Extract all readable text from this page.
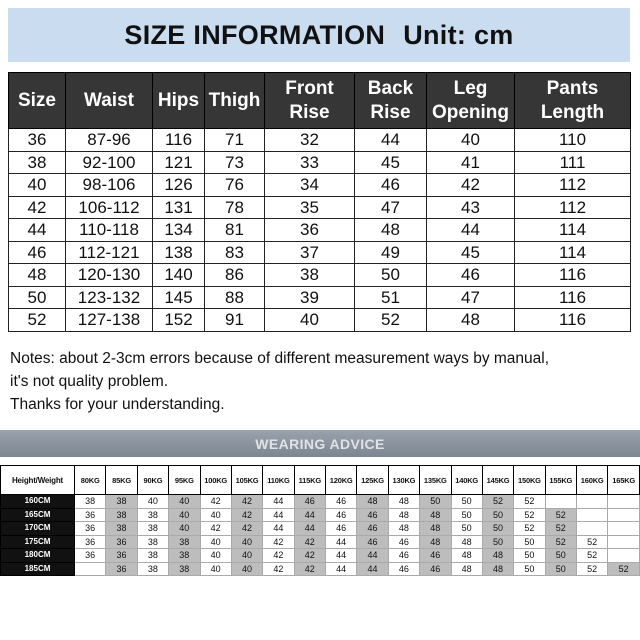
SIZE INFORMATION Unit: cm
Size	Waist	Hips	Thigh	Front Rise	Back Rise	Leg Opening	Pants Length
36	87-96	116	71	32	44	40	110
38	92-100	121	73	33	45	41	111
40	98-106	126	76	34	46	42	112
42	106-112	131	78	35	47	43	112
44	110-118	134	81	36	48	44	114
46	112-121	138	83	37	49	45	114
48	120-130	140	86	38	50	46	116
50	123-132	145	88	39	51	47	116
52	127-138	152	91	40	52	48	116

Notes: about 2-3cm errors because of different measurement ways by manual,

it's not quality problem.

Thanks for your understanding.

WEARING ADVICE
Height/Weight	80KG	85KG	90KG	95KG	100KG	105KG	110KG	115KG	120KG	125KG	130KG	135KG	140KG	145KG	150KG	155KG	160KG	165KG
160CM	38	38	40	40	42	42	44	46	46	48	48	50	50	52	52			
165CM	36	38	38	40	40	42	44	44	46	46	48	48	50	50	52	52		
170CM	36	38	38	40	42	42	44	44	46	46	48	48	50	50	52	52		
175CM	36	36	38	38	40	40	42	42	44	46	46	48	48	50	50	52	52	
180CM	36	36	38	38	40	40	42	42	44	44	46	46	48	48	50	50	52	
185CM		36	38	38	40	40	42	42	44	44	46	46	48	48	50	50	52	52
